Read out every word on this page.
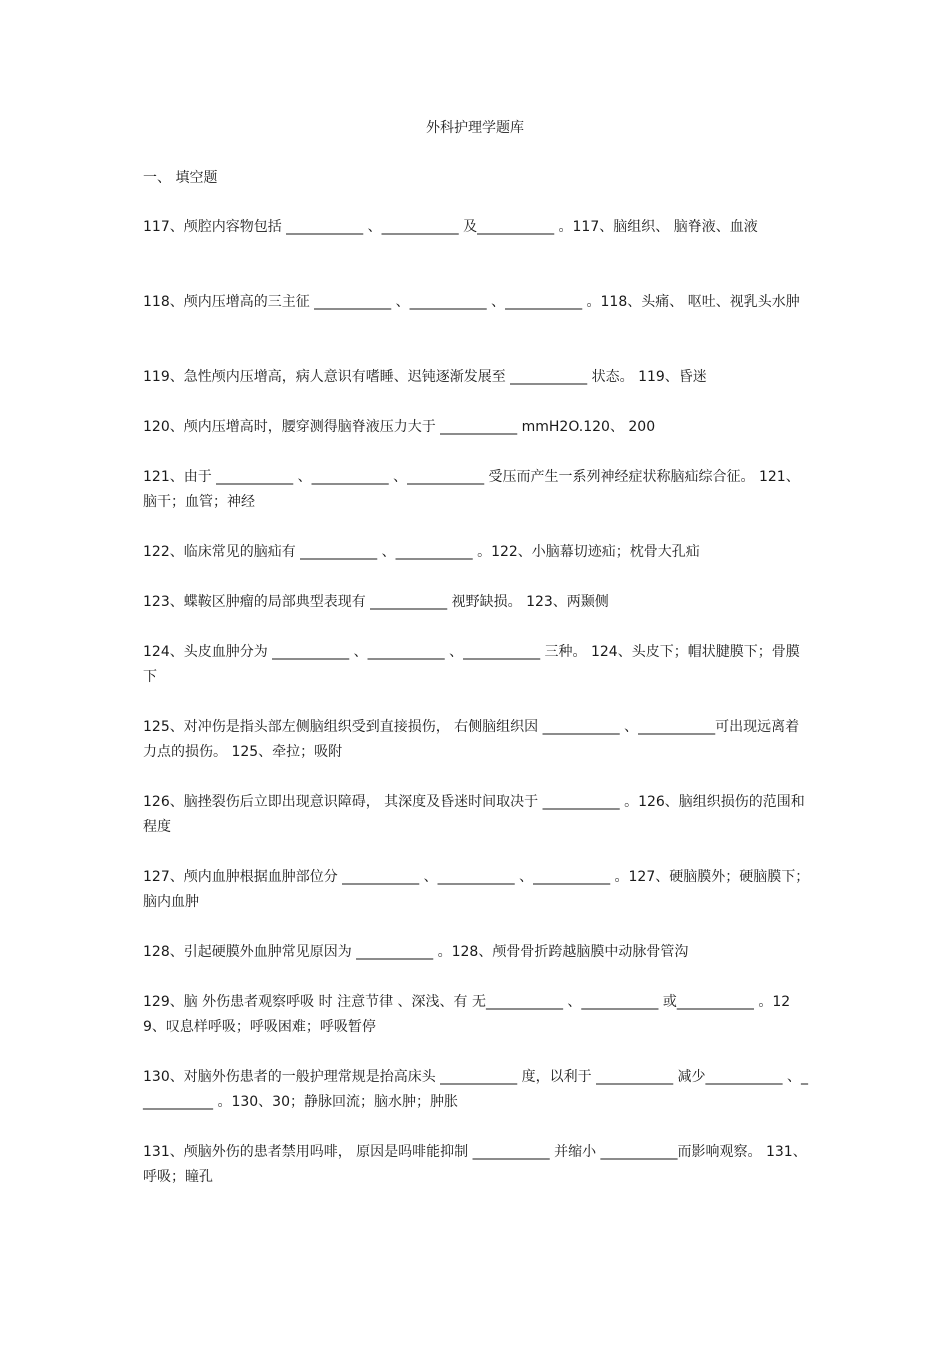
外科护理学题库
一、 填空题
117、颅腔内容物包括 ___________ 、___________ 及___________ 。117、脑组织、 脑脊液、血液
118、颅内压增高的三主征 ___________ 、___________ 、___________ 。118、头痛、 呕吐、视乳头水肿
119、急性颅内压增高，病人意识有嗜睡、迟钝逐渐发展至 ___________ 状态。 119、昏迷
120、颅内压增高时，腰穿测得脑脊液压力大于 ___________ mmH2O.120、 200
121、由于 ___________ 、___________ 、___________ 受压而产生一系列神经症状称脑疝综合征。 121、脑干；血管；神经
122、临床常见的脑疝有 ___________ 、___________ 。122、小脑幕切迹疝；枕骨大孔疝
123、蝶鞍区肿瘤的局部典型表现有 ___________ 视野缺损。 123、两颞侧
124、头皮血肿分为 ___________ 、___________ 、___________ 三种。 124、头皮下；帽状腱膜下；骨膜下
125、对冲伤是指头部左侧脑组织受到直接损伤， 右侧脑组织因 ___________ 、___________可出现远离着力点的损伤。 125、牵拉；吸附
126、脑挫裂伤后立即出现意识障碍， 其深度及昏迷时间取决于 ___________ 。126、脑组织损伤的范围和程度
127、颅内血肿根据血肿部位分 ___________ 、___________ 、___________ 。127、硬脑膜外；硬脑膜下；脑内血肿
128、引起硬膜外血肿常见原因为 ___________ 。128、颅骨骨折跨越脑膜中动脉骨管沟
129、脑 外伤患者观察呼吸 时 注意节律 、深浅、有 无___________ 、___________ 或___________ 。129、叹息样呼吸；呼吸困难；呼吸暂停
130、对脑外伤患者的一般护理常规是抬高床头 ___________ 度，以利于 ___________ 减少___________ 、___________ 。130、30；静脉回流；脑水肿；肿胀
131、颅脑外伤的患者禁用吗啡， 原因是吗啡能抑制 ___________ 并缩小 ___________而影响观察。 131、呼吸；瞳孔
